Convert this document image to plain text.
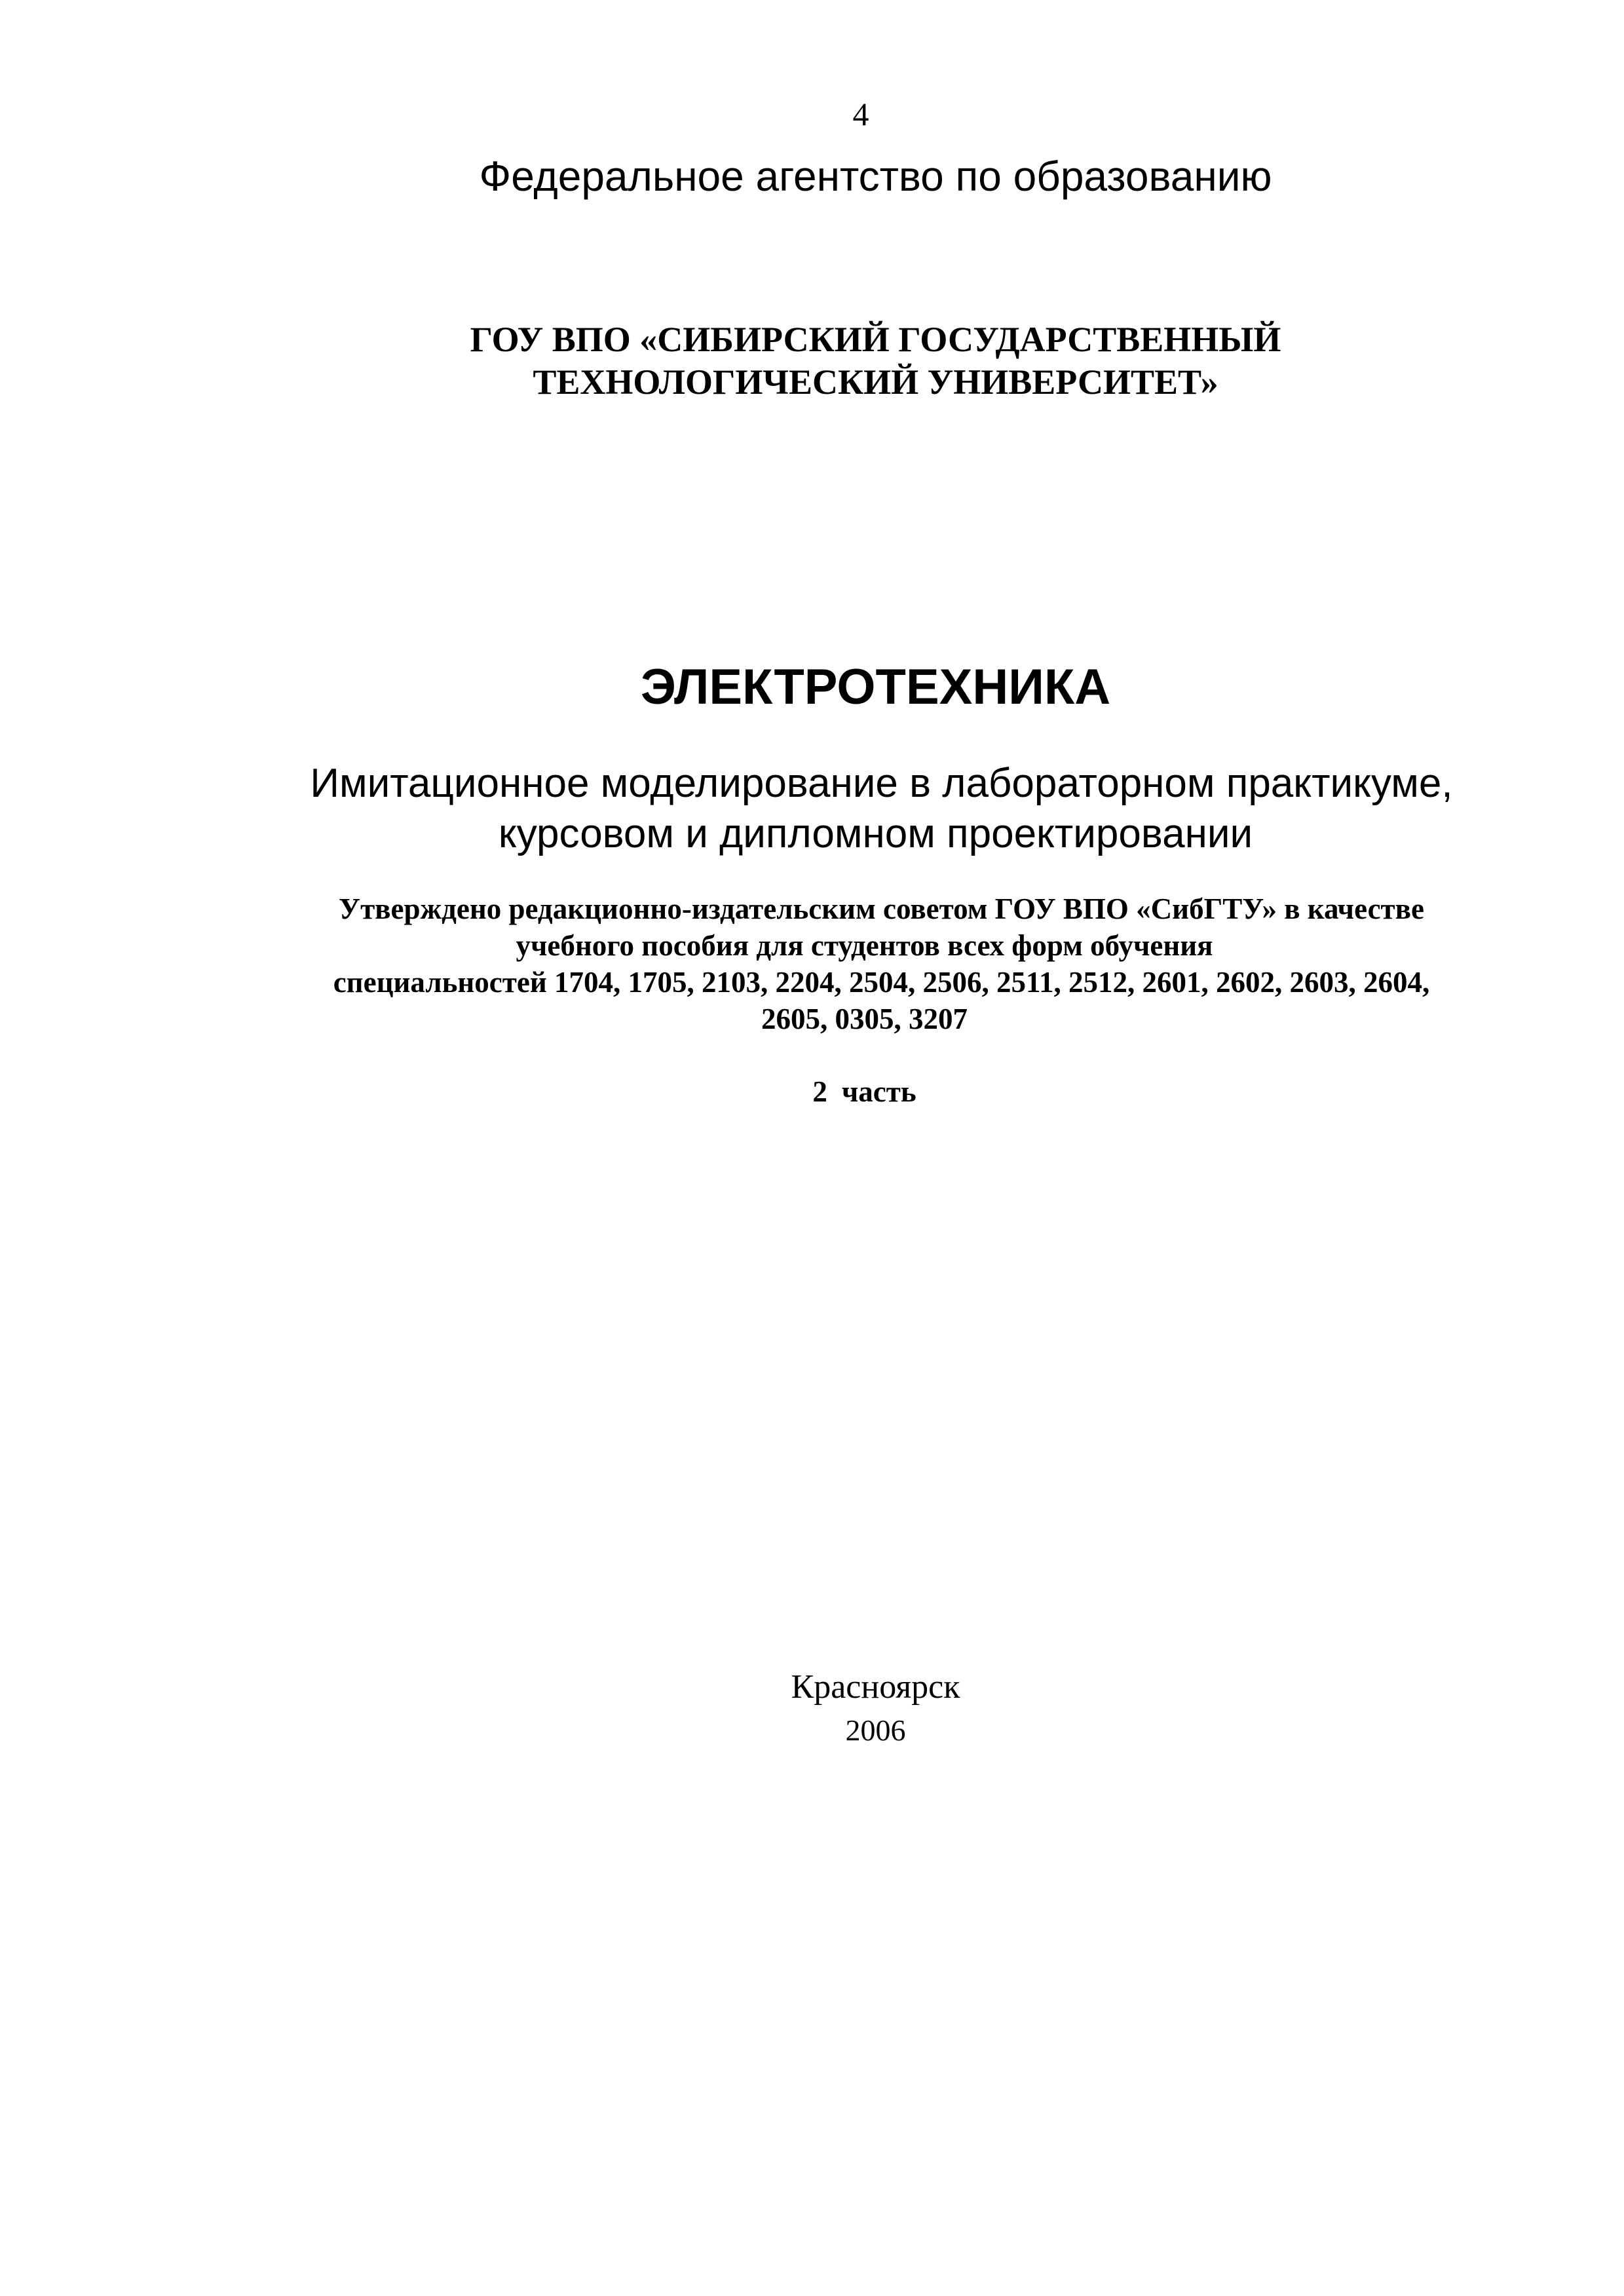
4

Федеральное агентство по образованию

ГОУ ВПО «СИБИРСКИЙ ГОСУДАРСТВЕННЫЙ

ТЕХНОЛОГИЧЕСКИЙ УНИВЕРСИТЕТ»

ЭЛЕКТРОТЕХНИКА

Имитационное моделирование в лабораторном практикуме,

курсовом и дипломном проектировании

Утверждено редакционно-издательским советом ГОУ ВПО «СибГТУ» в качестве

учебного пособия для студентов всех форм обучения

специальностей 1704, 1705, 2103, 2204, 2504, 2506, 2511, 2512, 2601, 2602, 2603, 2604,

2605, 0305, 3207

2 часть

Красноярск

2006
